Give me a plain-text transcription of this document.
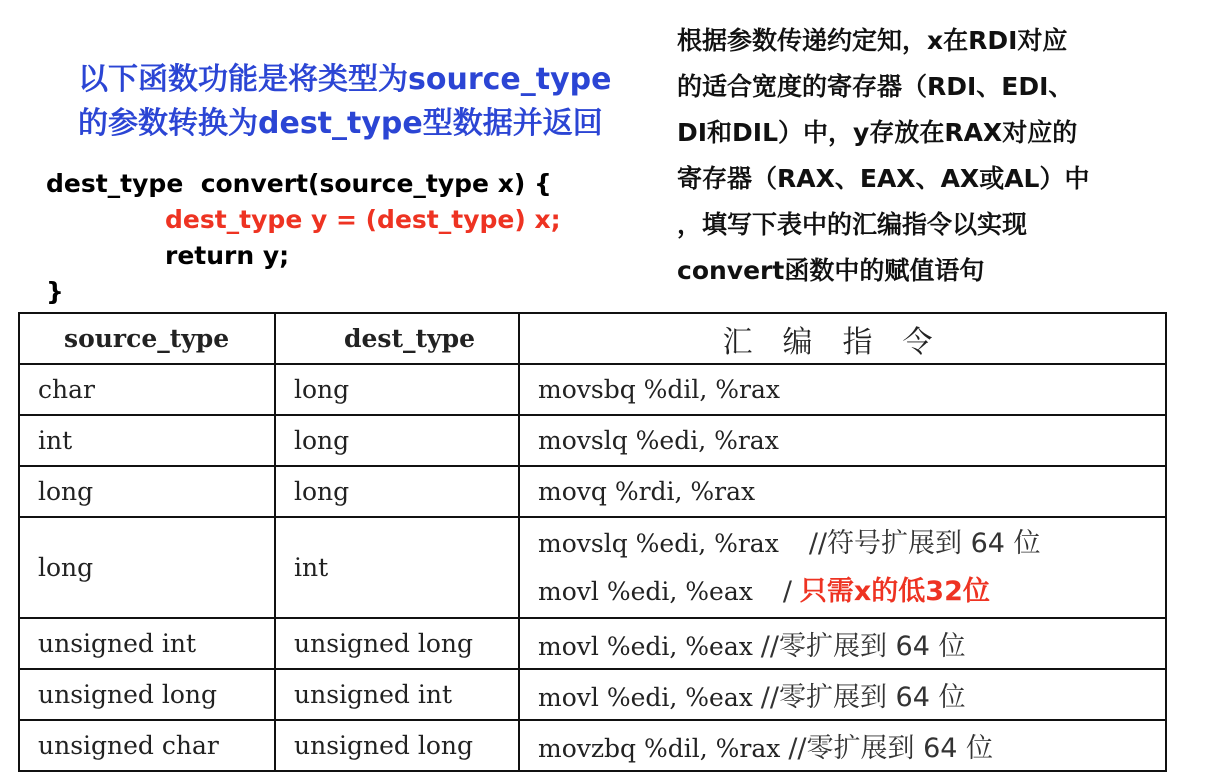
以下函数功能是将类型为source_type
的参数转换为dest_type型数据并返回
dest_type  convert(source_type x) {
dest_type y = (dest_type) x;
return y;
}
根据参数传递约定知，x在RDI对应
的适合宽度的寄存器（RDI、EDI、
DI和DIL）中，y存放在RAX对应的
寄存器（RAX、EAX、AX或AL）中
，填写下表中的汇编指令以实现
convert函数中的赋值语句
source_type	dest_type	汇编指令
char	long	movsbq %dil, %rax
int	long	movslq %edi, %rax
long	long	movq %rdi, %rax
long	int	movslq %edi, %rax //符号扩展到 64 位
movl %edi, %eax / 只需x的低32位

unsigned int	unsigned long	movl %edi, %eax //零扩展到 64 位
unsigned long	unsigned int	movl %edi, %eax //零扩展到 64 位
unsigned char	unsigned long	movzbq %dil, %rax //零扩展到 64 位
